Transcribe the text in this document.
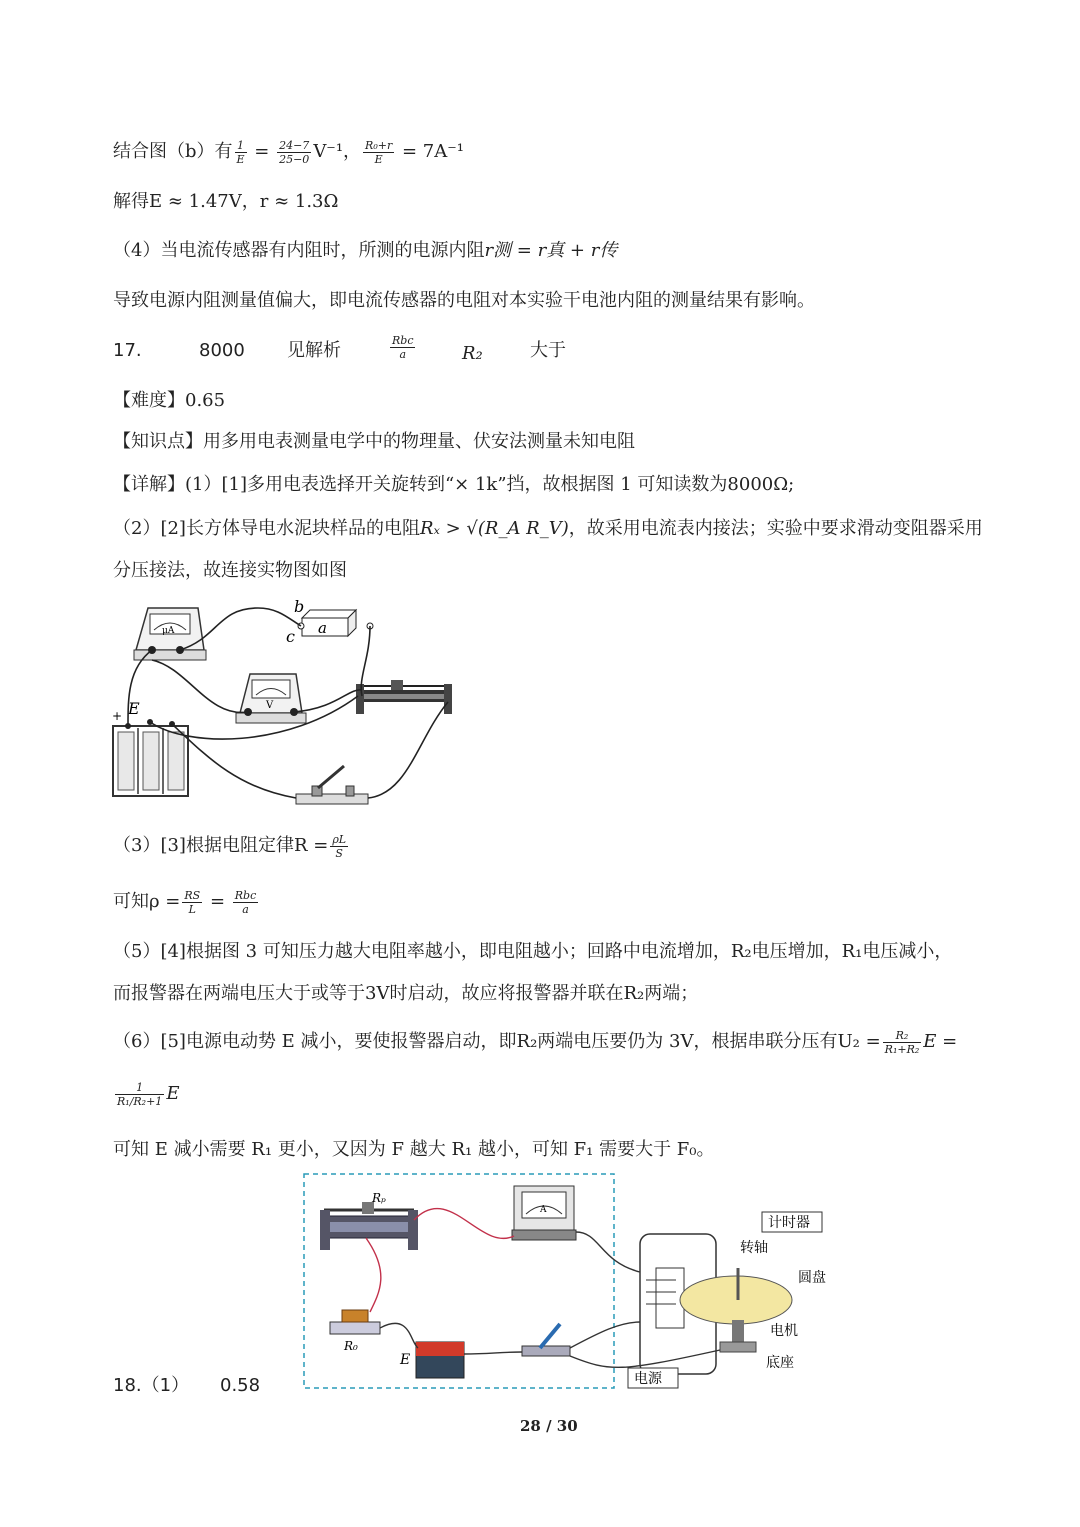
结合图（b）有 $\frac{1}{E} = \frac{24-7}{25-0} V^{-1}$， $\frac{\text{R₀+r}}{E} = 7A^{-1}$
解得E ≈ 1.47V，r ≈ 1.3Ω
（4）当电流传感器有内阻时，所测的电源内阻r测 = r真 + r传
导致电源内阻测量值偏大，即电流传感器的电阻对本实验干电池内阻的测量结果有影响。
17.	8000 见解析	$\frac{\text{Rbc}}{a}$	R₂	大于
【难度】0.65
【知识点】用多用电表测量电学中的物理量、伏安法测量未知电阻
【详解】(1）[1]多用电表选择开关旋转到“× 1k”挡，故根据图 1 可知读数为8000Ω;
（2）[2]长方体导电水泥块样品的电阻Rₓ > √(R_A R_V)，故采用电流表内接法；实验中要求滑动变阻器采用
分压接法，故连接实物图如图
μA	a
b
c
V
+ E
（3）[3]根据电阻定律$R = \frac{\rho L}{S}$
可知$\rho = \frac{RS}{L} = \frac{\text{Rbc}}{a}$
（5）[4]根据图 3 可知压力越大电阻率越小，即电阻越小；回路中电流增加，R₂电压增加，R₁电压减小，
而报警器在两端电压大于或等于3V时启动，故应将报警器并联在R₂两端；
（6）[5]电源电动势 E 减小，要使报警器启动，即R₂两端电压要仍为 3V，根据串联分压有$U_2 = \frac{\text{R₂}}{\text{R₁+R₂}}$ E =
$\frac{1}{\text{R₁/R₂+1}}$ E
可知 E 减小需要 R₁ 更小，又因为 F 越大 R₁ 越小，可知 F₁ 需要大于 F₀。
Rₚ
A
R₀
E
计时器
转轴
圆盘
电机
底座
电源
18.（1） 0.58
28 / 30
